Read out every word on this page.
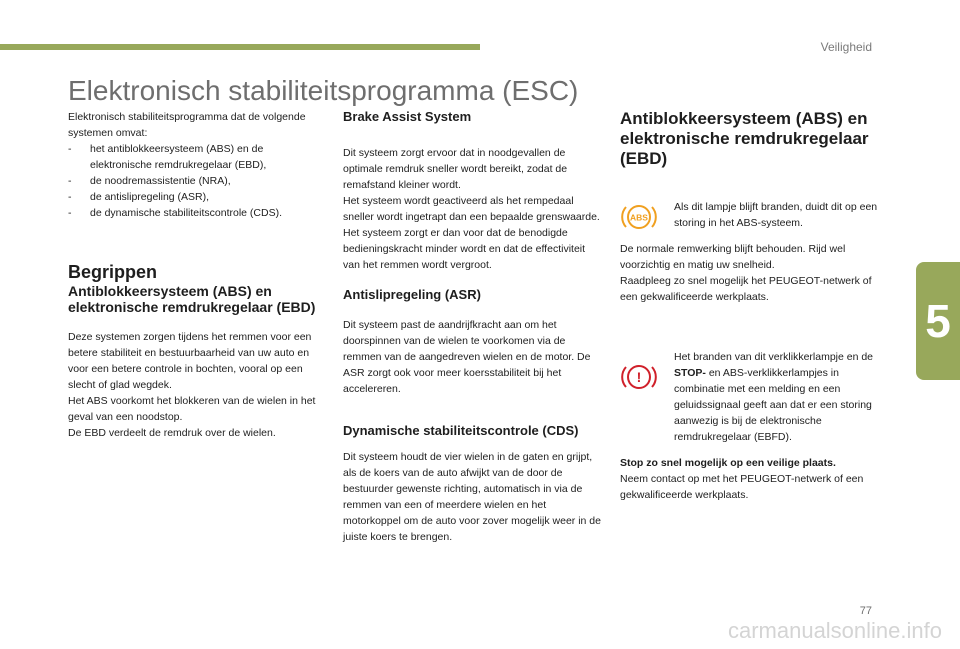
Veiligheid
5
Elektronisch stabiliteitsprogramma (ESC)

Elektronisch stabiliteitsprogramma dat de volgende systemen omvat:

- het antiblokkeersysteem (ABS) en de elektronische remdrukregelaar (EBD),
- de noodremassistentie (NRA),
- de antislipregeling (ASR),
- de dynamische stabiliteitscontrole (CDS).
Begrippen
Antiblokkeersysteem (ABS) en elektronische remdrukregelaar (EBD)

Deze systemen zorgen tijdens het remmen voor een betere stabiliteit en bestuurbaarheid van uw auto en voor een betere controle in bochten, vooral op een slecht of glad wegdek.

Het ABS voorkomt het blokkeren van de wielen in het geval van een noodstop.

De EBD verdeelt de remdruk over de wielen.

Brake Assist System

Dit systeem zorgt ervoor dat in noodgevallen de optimale remdruk sneller wordt bereikt, zodat de remafstand kleiner wordt.

Het systeem wordt geactiveerd als het rempedaal sneller wordt ingetrapt dan een bepaalde grenswaarde. Het systeem zorgt er dan voor dat de benodigde bedieningskracht minder wordt en dat de effectiviteit van het remmen wordt vergroot.

Antislipregeling (ASR)

Dit systeem past de aandrijfkracht aan om het doorspinnen van de wielen te voorkomen via de remmen van de aangedreven wielen en de motor. De ASR zorgt ook voor meer koersstabiliteit bij het accelereren.

Dynamische stabiliteitscontrole (CDS)

Dit systeem houdt de vier wielen in de gaten en grijpt, als de koers van de auto afwijkt van de door de bestuurder gewenste richting, automatisch in via de remmen van een of meerdere wielen en het motorkoppel om de auto voor zover mogelijk weer in de juiste koers te brengen.

Antiblokkeersysteem (ABS) en elektronische remdrukregelaar (EBD)
ABS

Als dit lampje blijft branden, duidt dit op een storing in het ABS-systeem.

De normale remwerking blijft behouden. Rijd wel voorzichtig en matig uw snelheid.

Raadpleeg zo snel mogelijk het PEUGEOT-netwerk of een gekwalificeerde werkplaats.

!

Het branden van dit verklikkerlampje en de STOP- en ABS-verklikkerlampjes in combinatie met een melding en een geluidssignaal geeft aan dat er een storing aanwezig is bij de elektronische remdrukregelaar (EBFD).

Stop zo snel mogelijk op een veilige plaats.

Neem contact op met het PEUGEOT-netwerk of een gekwalificeerde werkplaats.

77
carmanualsonline.info
